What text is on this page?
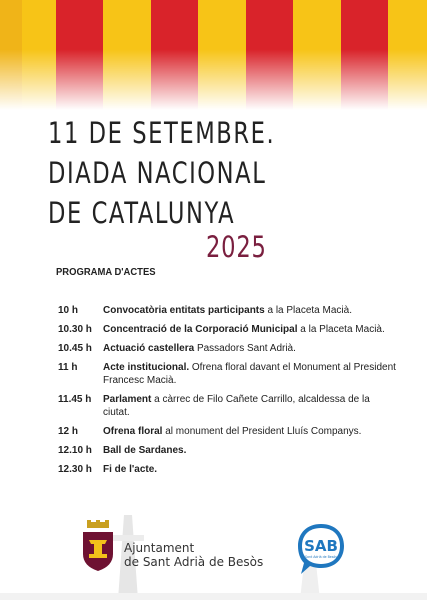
11 DE SETEMBRE.
DIADA NACIONAL
DE CATALUNYA
2025
PROGRAMA D'ACTES
10 h	Convocatòria entitats participants a la Placeta Macià.
10.30 h	Concentració de la Corporació Municipal a la Placeta Macià.
10.45 h	Actuació castellera Passadors Sant Adrià.
11 h	Acte institucional. Ofrena floral davant el Monument al President Francesc Macià.
11.45 h	Parlament a càrrec de Filo Cañete Carrillo, alcaldessa de la ciutat.
12 h	Ofrena floral al monument del President Lluís Companys.
12.10 h	Ball de Sardanes.
12.30 h	Fi de l'acte.
Ajuntament
de Sant Adrià de Besòs
SAB
Sant Adrià de Besòs
